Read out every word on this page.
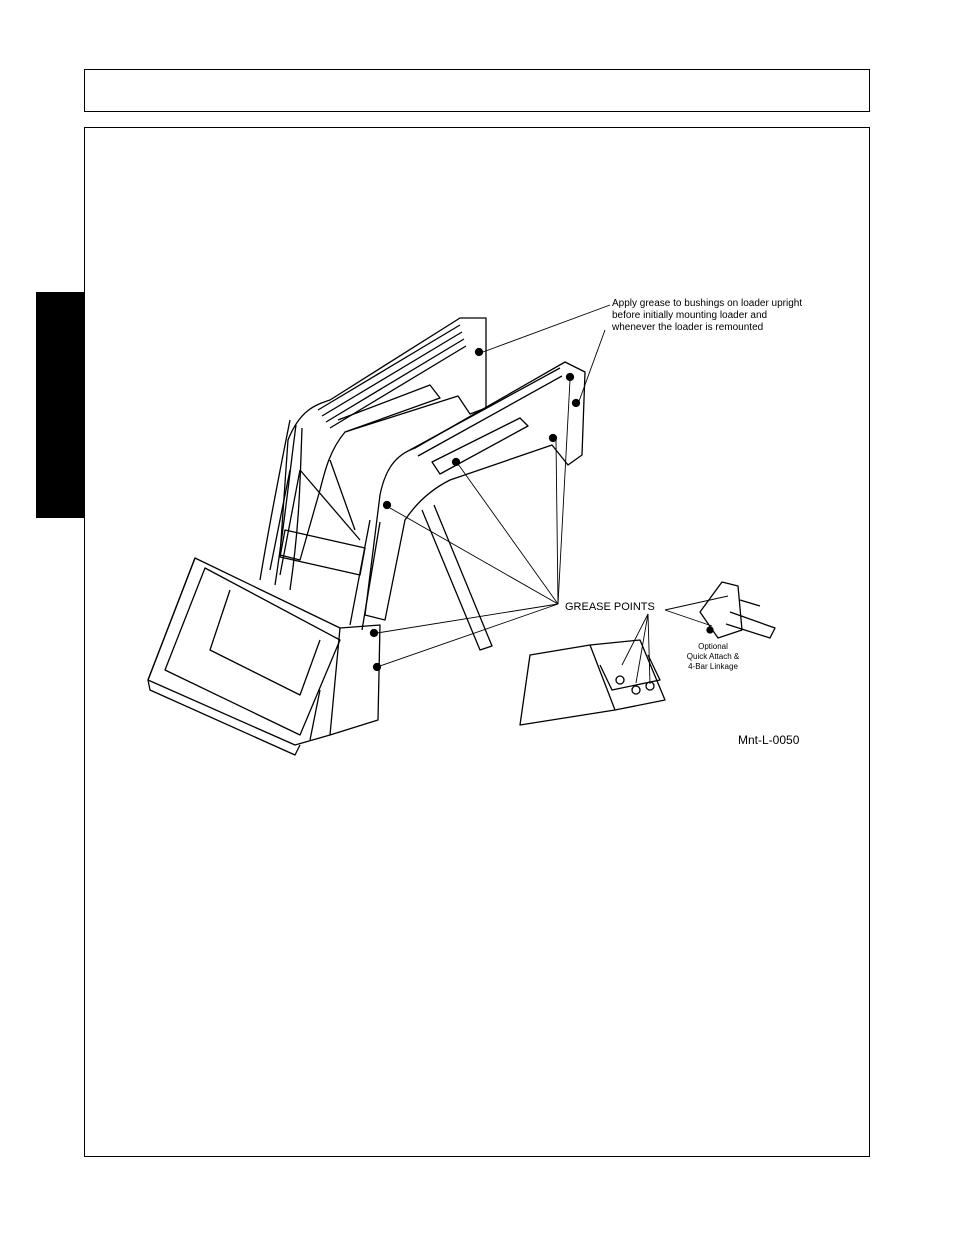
Apply grease to bushings on loader upright
before initially mounting loader and
whenever the loader is remounted
GREASE POINTS
Optional
Quick Attach &
4-Bar Linkage
Mnt-L-0050
